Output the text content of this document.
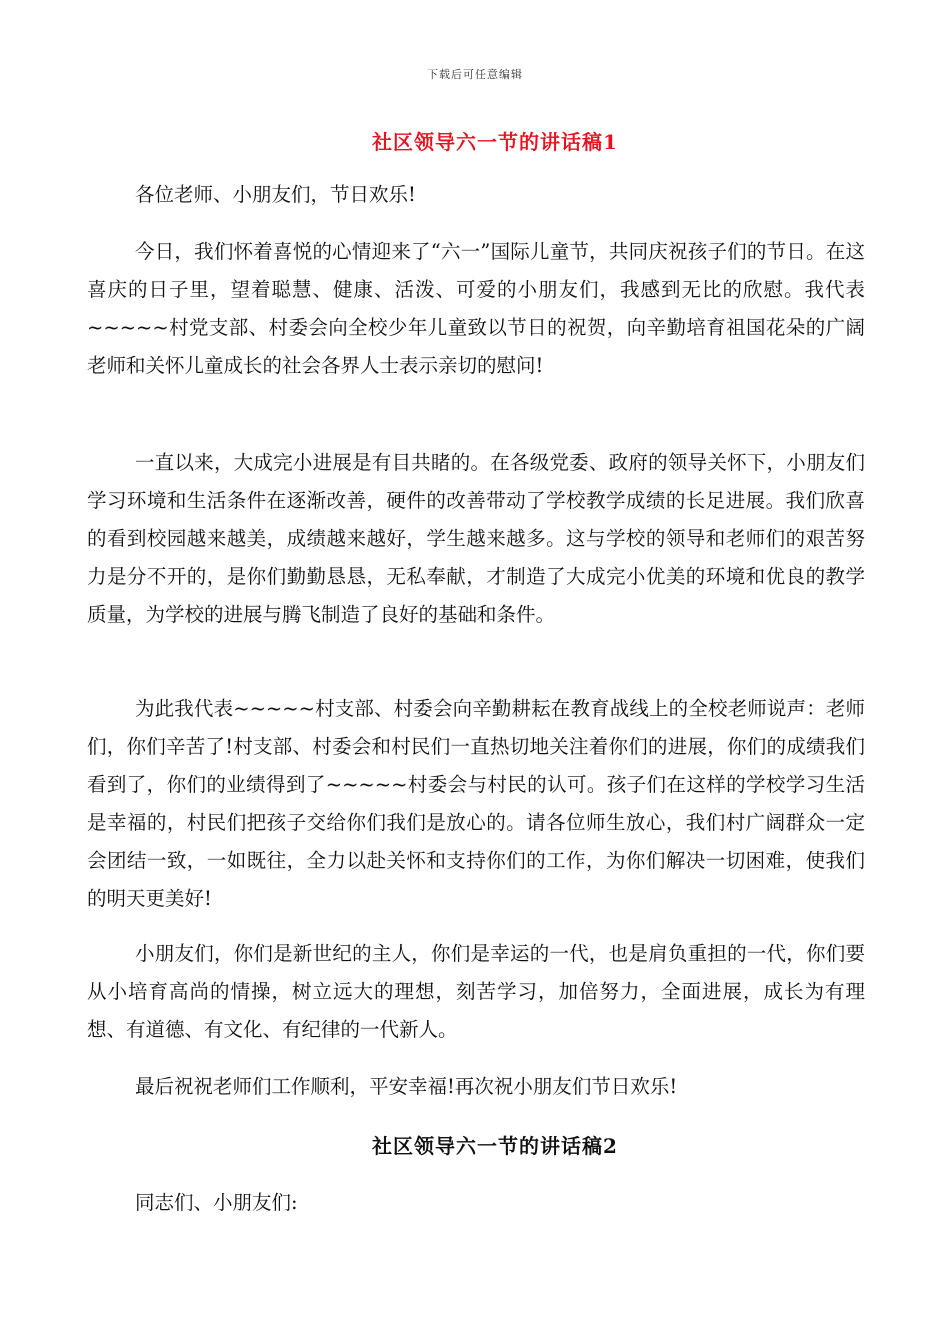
下载后可任意编辑
社区领导六一节的讲话稿1

各位老师、小朋友们，节日欢乐!

今日，我们怀着喜悦的心情迎来了“六一”国际儿童节，共同庆祝孩子们的节日。在这喜庆的日子里，望着聪慧、健康、活泼、可爱的小朋友们，我感到无比的欣慰。我代表~~~~~村党支部、村委会向全校少年儿童致以节日的祝贺，向辛勤培育祖国花朵的广阔老师和关怀儿童成长的社会各界人士表示亲切的慰问!

一直以来，大成完小进展是有目共睹的。在各级党委、政府的领导关怀下，小朋友们学习环境和生活条件在逐渐改善，硬件的改善带动了学校教学成绩的长足进展。我们欣喜的看到校园越来越美，成绩越来越好，学生越来越多。这与学校的领导和老师们的艰苦努力是分不开的，是你们勤勤恳恳，无私奉献，才制造了大成完小优美的环境和优良的教学质量，为学校的进展与腾飞制造了良好的基础和条件。

为此我代表~~~~~村支部、村委会向辛勤耕耘在教育战线上的全校老师说声：老师们，你们辛苦了!村支部、村委会和村民们一直热切地关注着你们的进展，你们的成绩我们看到了，你们的业绩得到了~~~~~村委会与村民的认可。孩子们在这样的学校学习生活是幸福的，村民们把孩子交给你们我们是放心的。请各位师生放心，我们村广阔群众一定会团结一致，一如既往，全力以赴关怀和支持你们的工作，为你们解决一切困难，使我们的明天更美好!

小朋友们，你们是新世纪的主人，你们是幸运的一代，也是肩负重担的一代，你们要从小培育高尚的情操，树立远大的理想，刻苦学习，加倍努力，全面进展，成长为有理想、有道德、有文化、有纪律的一代新人。

最后祝祝老师们工作顺利，平安幸福!再次祝小朋友们节日欢乐!

社区领导六一节的讲话稿2

同志们、小朋友们:
